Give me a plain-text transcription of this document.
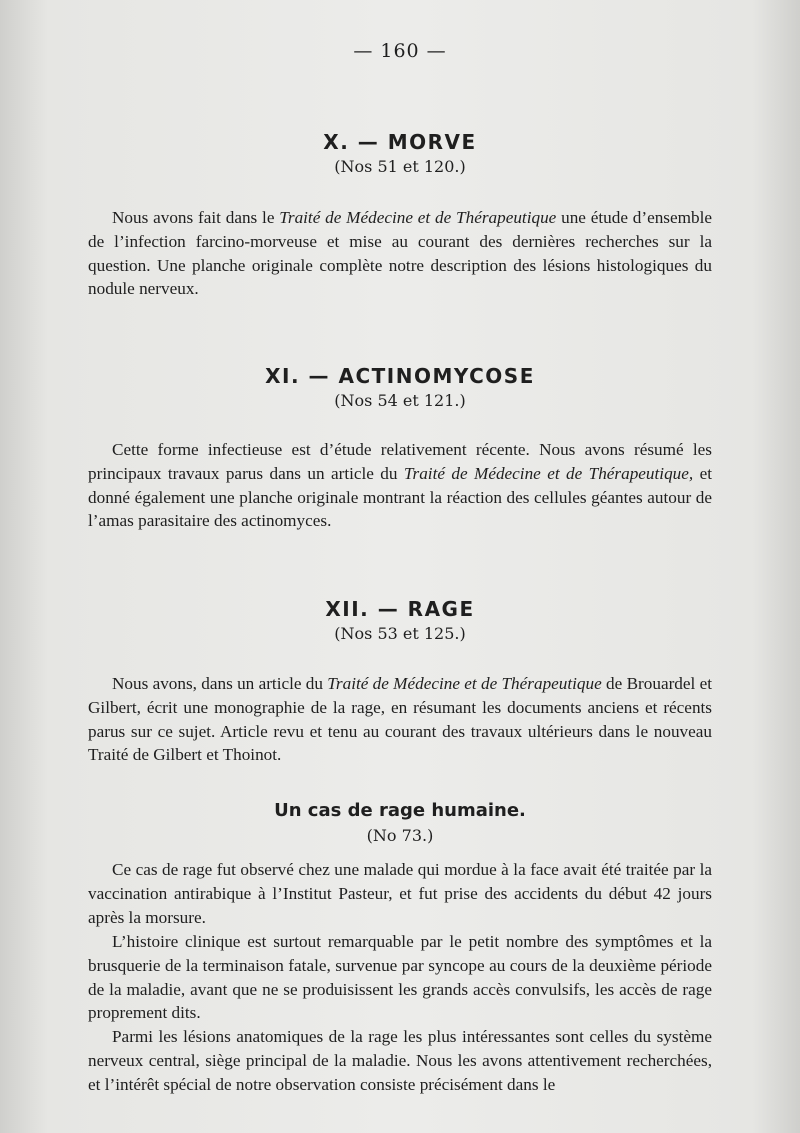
— 160 —
X. — MORVE
(Nos 51 et 120.)

Nous avons fait dans le Traité de Médecine et de Thérapeutique une étude d’ensemble de l’infection farcino-morveuse et mise au courant des dernières recherches sur la question. Une planche originale complète notre description des lésions histologiques du nodule nerveux.

XI. — ACTINOMYCOSE
(Nos 54 et 121.)

Cette forme infectieuse est d’étude relativement récente. Nous avons résumé les principaux travaux parus dans un article du Traité de Médecine et de Thérapeutique, et donné également une planche originale montrant la réaction des cellules géantes autour de l’amas parasitaire des actinomyces.

XII. — RAGE
(Nos 53 et 125.)

Nous avons, dans un article du Traité de Médecine et de Thérapeutique de Brouardel et Gilbert, écrit une monographie de la rage, en résumant les documents anciens et récents parus sur ce sujet. Article revu et tenu au courant des travaux ultérieurs dans le nouveau Traité de Gilbert et Thoinot.

Un cas de rage humaine.
(No 73.)

Ce cas de rage fut observé chez une malade qui mordue à la face avait été traitée par la vaccination antirabique à l’Institut Pasteur, et fut prise des accidents du début 42 jours après la morsure.

L’histoire clinique est surtout remarquable par le petit nombre des symptômes et la brusquerie de la terminaison fatale, survenue par syncope au cours de la deuxième période de la maladie, avant que ne se produisissent les grands accès convulsifs, les accès de rage proprement dits.

Parmi les lésions anatomiques de la rage les plus intéressantes sont celles du système nerveux central, siège principal de la maladie. Nous les avons attentivement recherchées, et l’intérêt spécial de notre observation consiste précisément dans le
